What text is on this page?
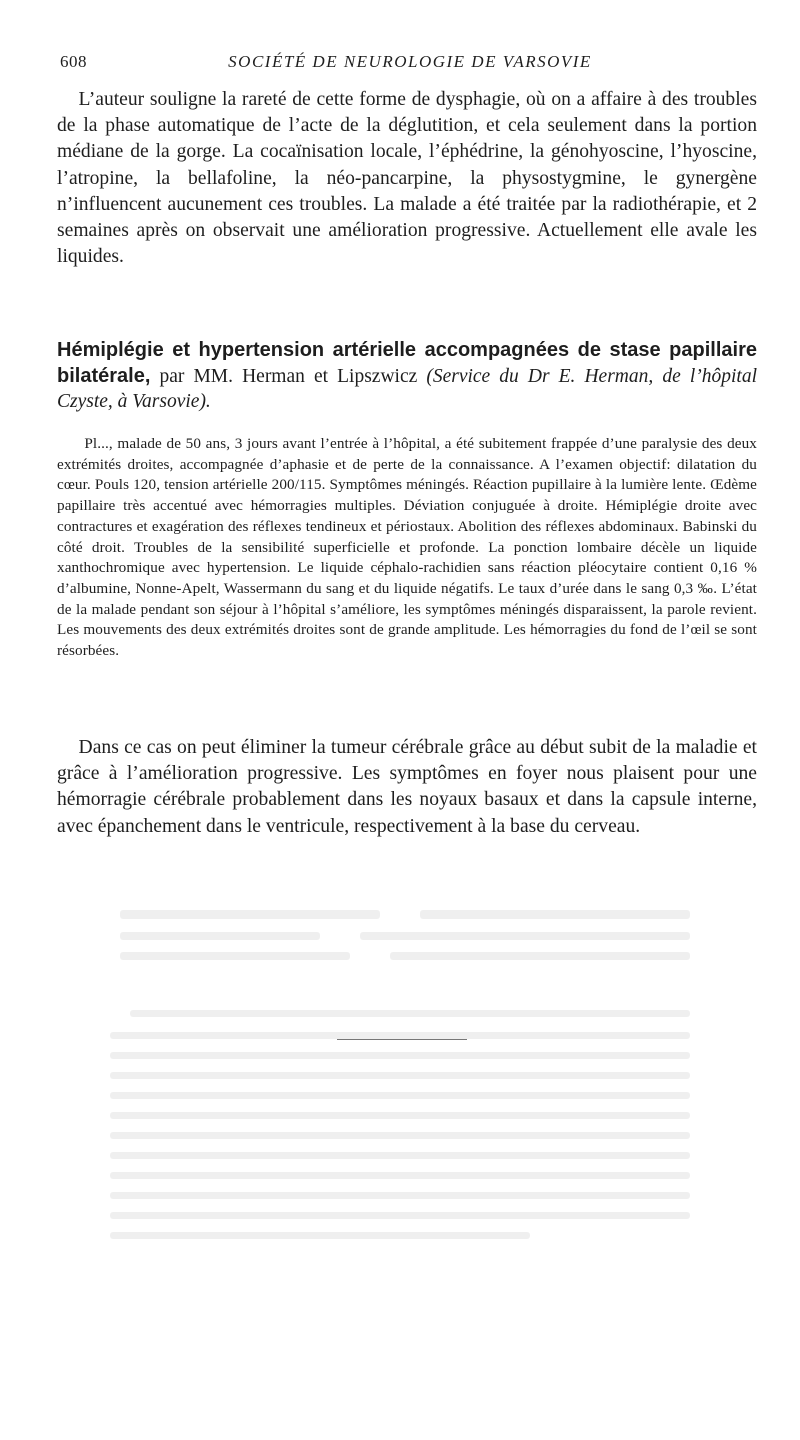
608	SOCIÉTÉ DE NEUROLOGIE DE VARSOVIE

L’auteur souligne la rareté de cette forme de dysphagie, où on a affaire à des troubles de la phase automatique de l’acte de la déglutition, et cela seulement dans la portion médiane de la gorge. La cocaïnisation locale, l’éphédrine, la génohyoscine, l’hyoscine, l’atropine, la bellafoline, la néo-pancarpine, la physostygmine, le gynergène n’influencent aucunement ces troubles. La malade a été traitée par la radiothérapie, et 2 semaines après on observait une amélioration progressive. Actuellement elle avale les liquides.

Hémiplégie et hypertension artérielle accompagnées de stase papillaire bilatérale, par MM. Herman et Lipszwicz (Service du Dr E. Herman, de l’hôpital Czyste, à Varsovie).

Pl..., malade de 50 ans, 3 jours avant l’entrée à l’hôpital, a été subitement frappée d’une paralysie des deux extrémités droites, accompagnée d’aphasie et de perte de la connaissance. A l’examen objectif: dilatation du cœur. Pouls 120, tension artérielle 200/115. Symptômes méningés. Réaction pupillaire à la lumière lente. Œdème papillaire très accentué avec hémorragies multiples. Déviation conjuguée à droite. Hémiplégie droite avec contractures et exagération des réflexes tendineux et périostaux. Abolition des réflexes abdominaux. Babinski du côté droit. Troubles de la sensibilité superficielle et profonde. La ponction lombaire décèle un liquide xanthochromique avec hypertension. Le liquide céphalo-rachidien sans réaction pléocytaire contient 0,16 % d’albumine, Nonne-Apelt, Wassermann du sang et du liquide négatifs. Le taux d’urée dans le sang 0,3 ‰. L’état de la malade pendant son séjour à l’hôpital s’améliore, les symptômes méningés disparaissent, la parole revient. Les mouvements des deux extrémités droites sont de grande amplitude. Les hémorragies du fond de l’œil se sont résorbées.

Dans ce cas on peut éliminer la tumeur cérébrale grâce au début subit de la maladie et grâce à l’amélioration progressive. Les symptômes en foyer nous plaisent pour une hémorragie cérébrale probablement dans les noyaux basaux et dans la capsule interne, avec épanchement dans le ventricule, respectivement à la base du cerveau.
